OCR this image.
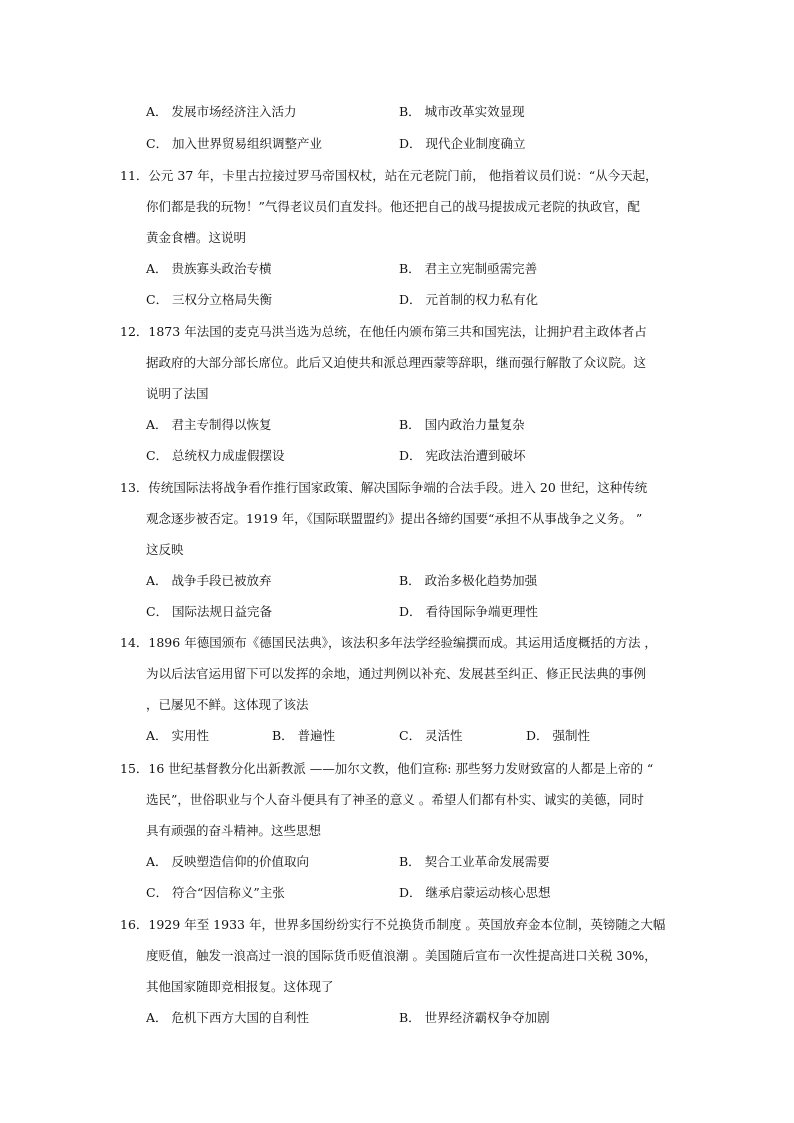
A． 发展市场经济注入活力	B． 城市改革实效显现
C． 加入世界贸易组织调整产业	D． 现代企业制度确立
11．公元 37 年，卡里古拉接过罗马帝国权杖，站在元老院门前， 他指着议员们说：“从今天起，
你们都是我的玩物！”气得老议员们直发抖。他还把自己的战马提拔成元老院的执政官，配
黄金食槽。这说明
A． 贵族寡头政治专横	B． 君主立宪制亟需完善
C． 三权分立格局失衡	D． 元首制的权力私有化
12．1873 年法国的麦克马洪当选为总统，在他任内颁布第三共和国宪法，让拥护君主政体者占
据政府的大部分部长席位。此后又迫使共和派总理西蒙等辞职，继而强行解散了众议院。这
说明了法国
A． 君主专制得以恢复	B． 国内政治力量复杂
C． 总统权力成虚假摆设	D． 宪政法治遭到破坏
13．传统国际法将战争看作推行国家政策、解决国际争端的合法手段。进入 20 世纪，这种传统
观念逐步被否定。1919 年，《国际联盟盟约》提出各缔约国要“承担不从事战争之义务。 ”
这反映
A． 战争手段已被放弃	B． 政治多极化趋势加强
C． 国际法规日益完备	D． 看待国际争端更理性
14．1896 年德国颁布《德国民法典》，该法积多年法学经验编撰而成。其运用适度概括的方法 ，
为以后法官运用留下可以发挥的余地，通过判例以补充、发展甚至纠正、修正民法典的事例
，已屡见不鲜。这体现了该法
A． 实用性	B． 普遍性	C． 灵活性	D． 强制性
15．16 世纪基督教分化出新教派 ——加尔文教，他们宣称: 那些努力发财致富的人都是上帝的 “
选民”，世俗职业与个人奋斗便具有了神圣的意义 。希望人们都有朴实、诚实的美德，同时
具有顽强的奋斗精神。这些思想
A． 反映塑造信仰的价值取向	B． 契合工业革命发展需要
C． 符合“因信称义”主张	D． 继承启蒙运动核心思想
16．1929 年至 1933 年，世界多国纷纷实行不兑换货币制度 。英国放弃金本位制，英镑随之大幅
度贬值，触发一浪高过一浪的国际货币贬值浪潮 。美国随后宣布一次性提高进口关税 30%，
其他国家随即竞相报复。这体现了
A． 危机下西方大国的自利性	B． 世界经济霸权争夺加剧
